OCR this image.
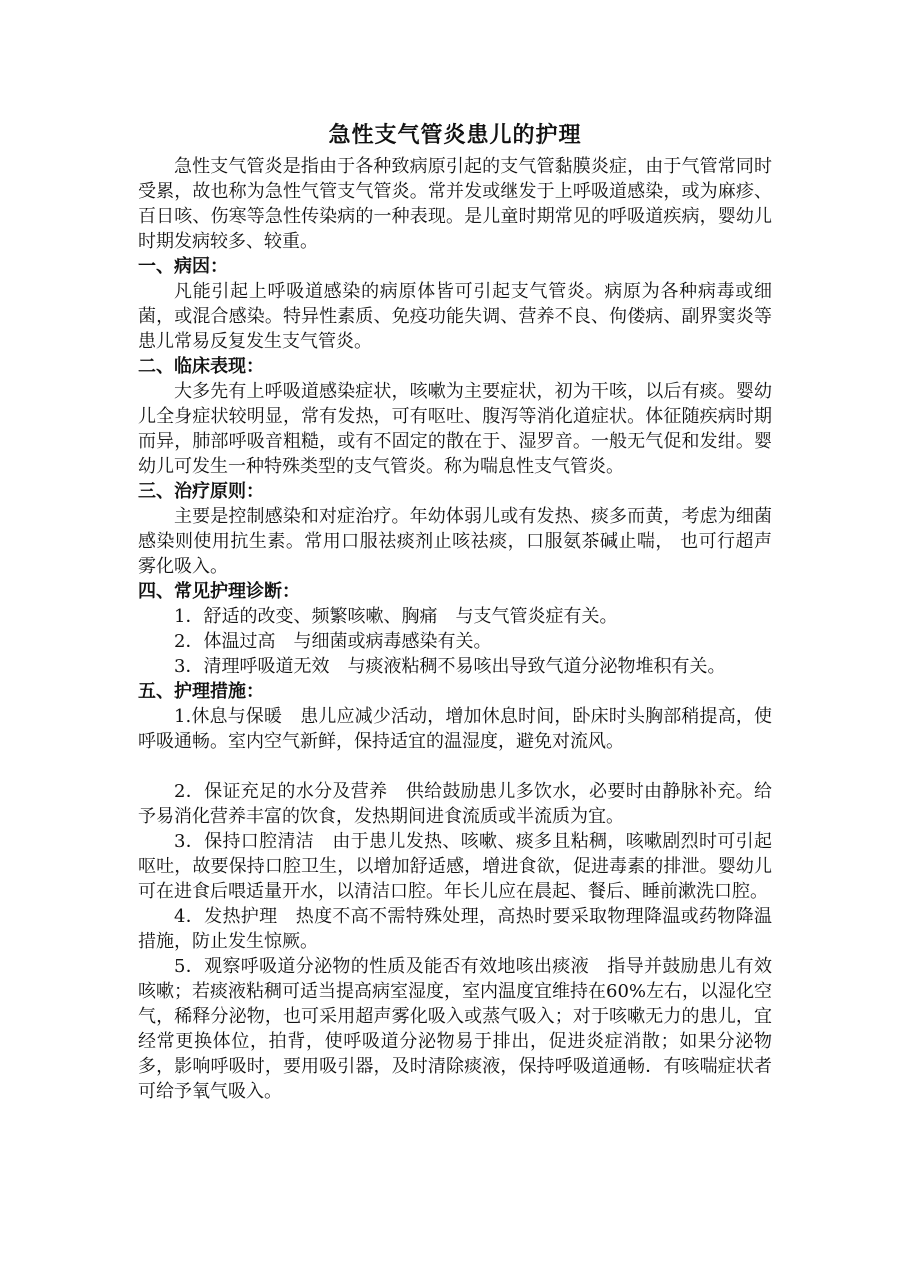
急性支气管炎患儿的护理

急性支气管炎是指由于各种致病原引起的支气管黏膜炎症，由于气管常同时受累，故也称为急性气管支气管炎。常并发或继发于上呼吸道感染，或为麻疹、百日咳、伤寒等急性传染病的一种表现。是儿童时期常见的呼吸道疾病，婴幼儿时期发病较多、较重。

一、病因：

凡能引起上呼吸道感染的病原体皆可引起支气管炎。病原为各种病毒或细菌，或混合感染。特异性素质、免疫功能失调、营养不良、佝偻病、副界窦炎等患儿常易反复发生支气管炎。

二、临床表现：

大多先有上呼吸道感染症状，咳嗽为主要症状，初为干咳，以后有痰。婴幼儿全身症状较明显，常有发热，可有呕吐、腹泻等消化道症状。体征随疾病时期而异，肺部呼吸音粗糙，或有不固定的散在于、湿罗音。一般无气促和发绀。婴幼儿可发生一种特殊类型的支气管炎。称为喘息性支气管炎。

三、治疗原则：

主要是控制感染和对症治疗。年幼体弱儿或有发热、痰多而黄，考虑为细菌感染则使用抗生素。常用口服祛痰剂止咳祛痰，口服氨茶碱止喘， 也可行超声雾化吸入。

四、常见护理诊断：

1．舒适的改变、频繁咳嗽、胸痛　与支气管炎症有关。

2．体温过高　与细菌或病毒感染有关。

3．清理呼吸道无效　与痰液粘稠不易咳出导致气道分泌物堆积有关。

五、护理措施：

1.休息与保暖　患儿应减少活动，增加休息时间，卧床时头胸部稍提高，使呼吸通畅。室内空气新鲜，保持适宜的温湿度，避免对流风。

2．保证充足的水分及营养　供给鼓励患儿多饮水，必要时由静脉补充。给予易消化营养丰富的饮食，发热期间进食流质或半流质为宜。

3．保持口腔清洁　由于患儿发热、咳嗽、痰多且粘稠，咳嗽剧烈时可引起呕吐，故要保持口腔卫生，以增加舒适感，增进食欲，促进毒素的排泄。婴幼儿可在进食后喂适量开水，以清洁口腔。年长儿应在晨起、餐后、睡前漱洗口腔。

4．发热护理　热度不高不需特殊处理，高热时要采取物理降温或药物降温措施，防止发生惊厥。

5．观察呼吸道分泌物的性质及能否有效地咳出痰液　指导并鼓励患儿有效咳嗽；若痰液粘稠可适当提高病室湿度，室内温度宜维持在60%左右，以湿化空气，稀释分泌物，也可采用超声雾化吸入或蒸气吸入；对于咳嗽无力的患儿，宜经常更换体位，拍背，使呼吸道分泌物易于排出，促进炎症消散；如果分泌物多，影响呼吸时，要用吸引器，及时清除痰液，保持呼吸道通畅．有咳喘症状者可给予氧气吸入。
